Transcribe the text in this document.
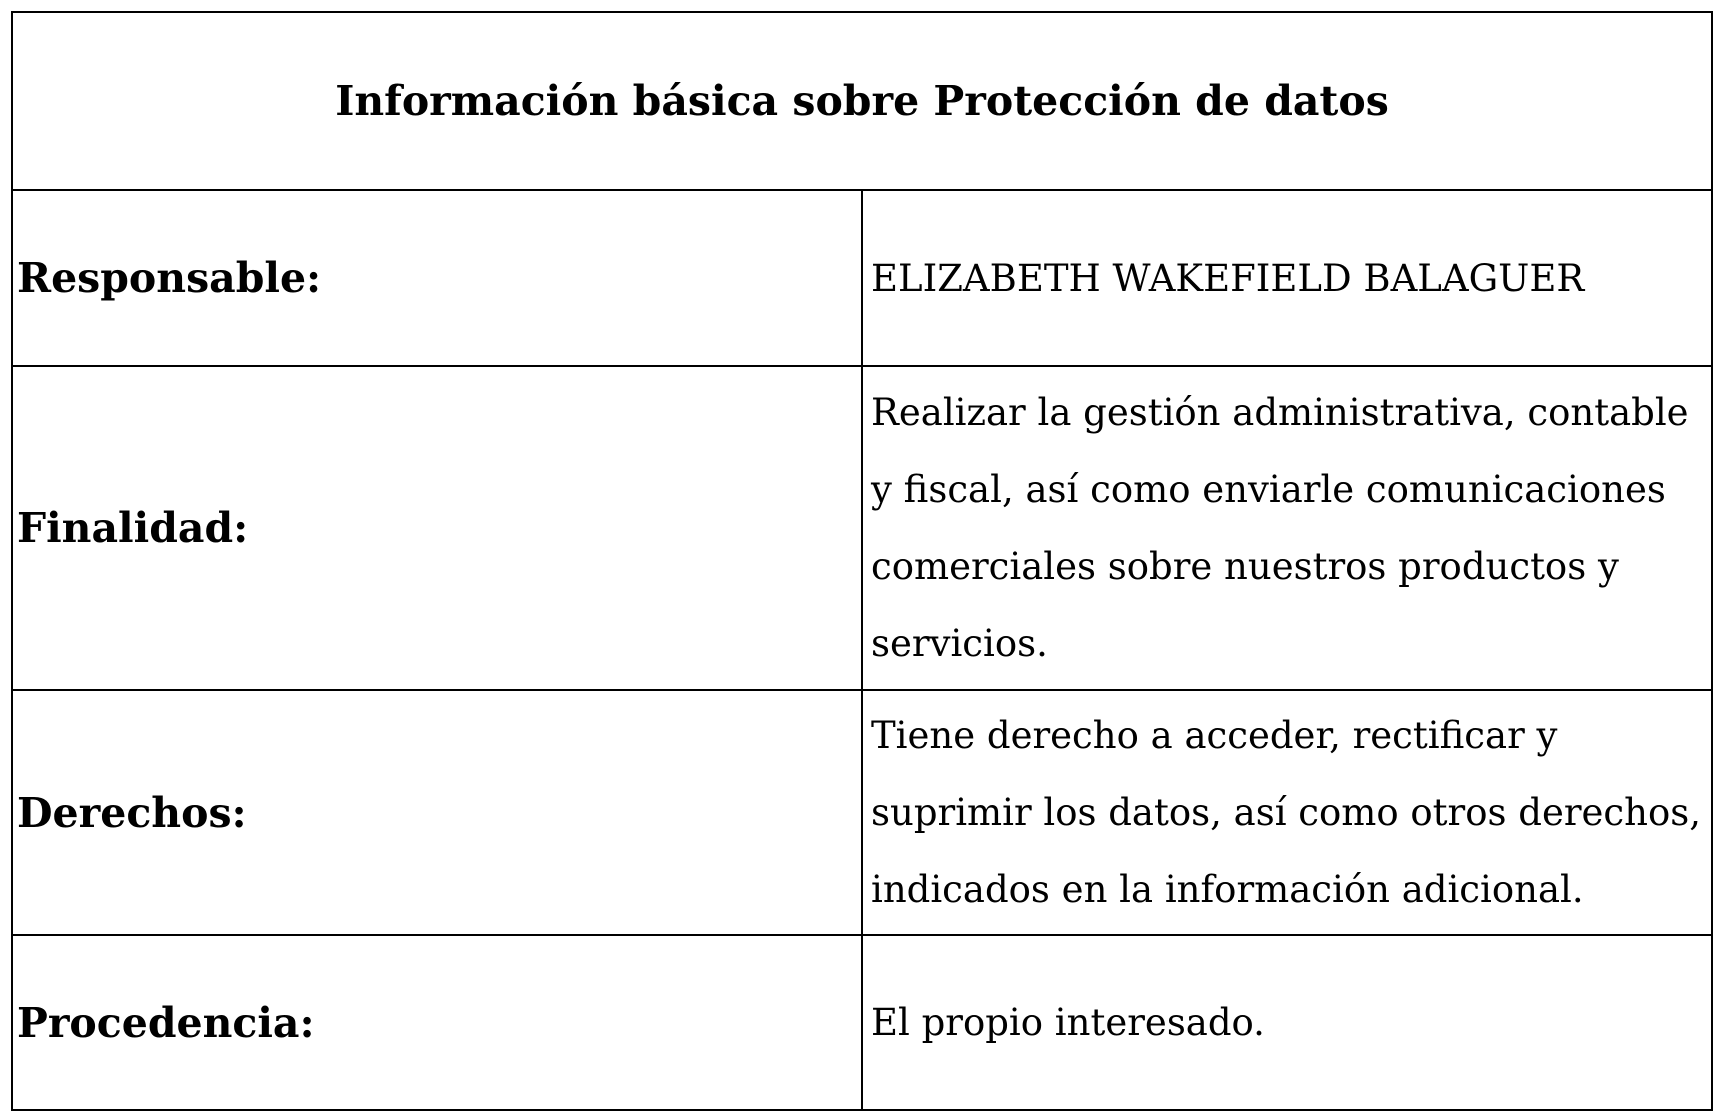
Información básica sobre Protección de datos	
Responsable:	ELIZABETH WAKEFIELD BALAGUER
Finalidad:	Realizar la gestión administrativa, contable y fiscal, así como enviarle comunicaciones comerciales sobre nuestros productos y servicios.
Derechos:	Tiene derecho a acceder, rectificar y suprimir los datos, así como otros derechos, indicados en la información adicional.
Procedencia:	El propio interesado.
